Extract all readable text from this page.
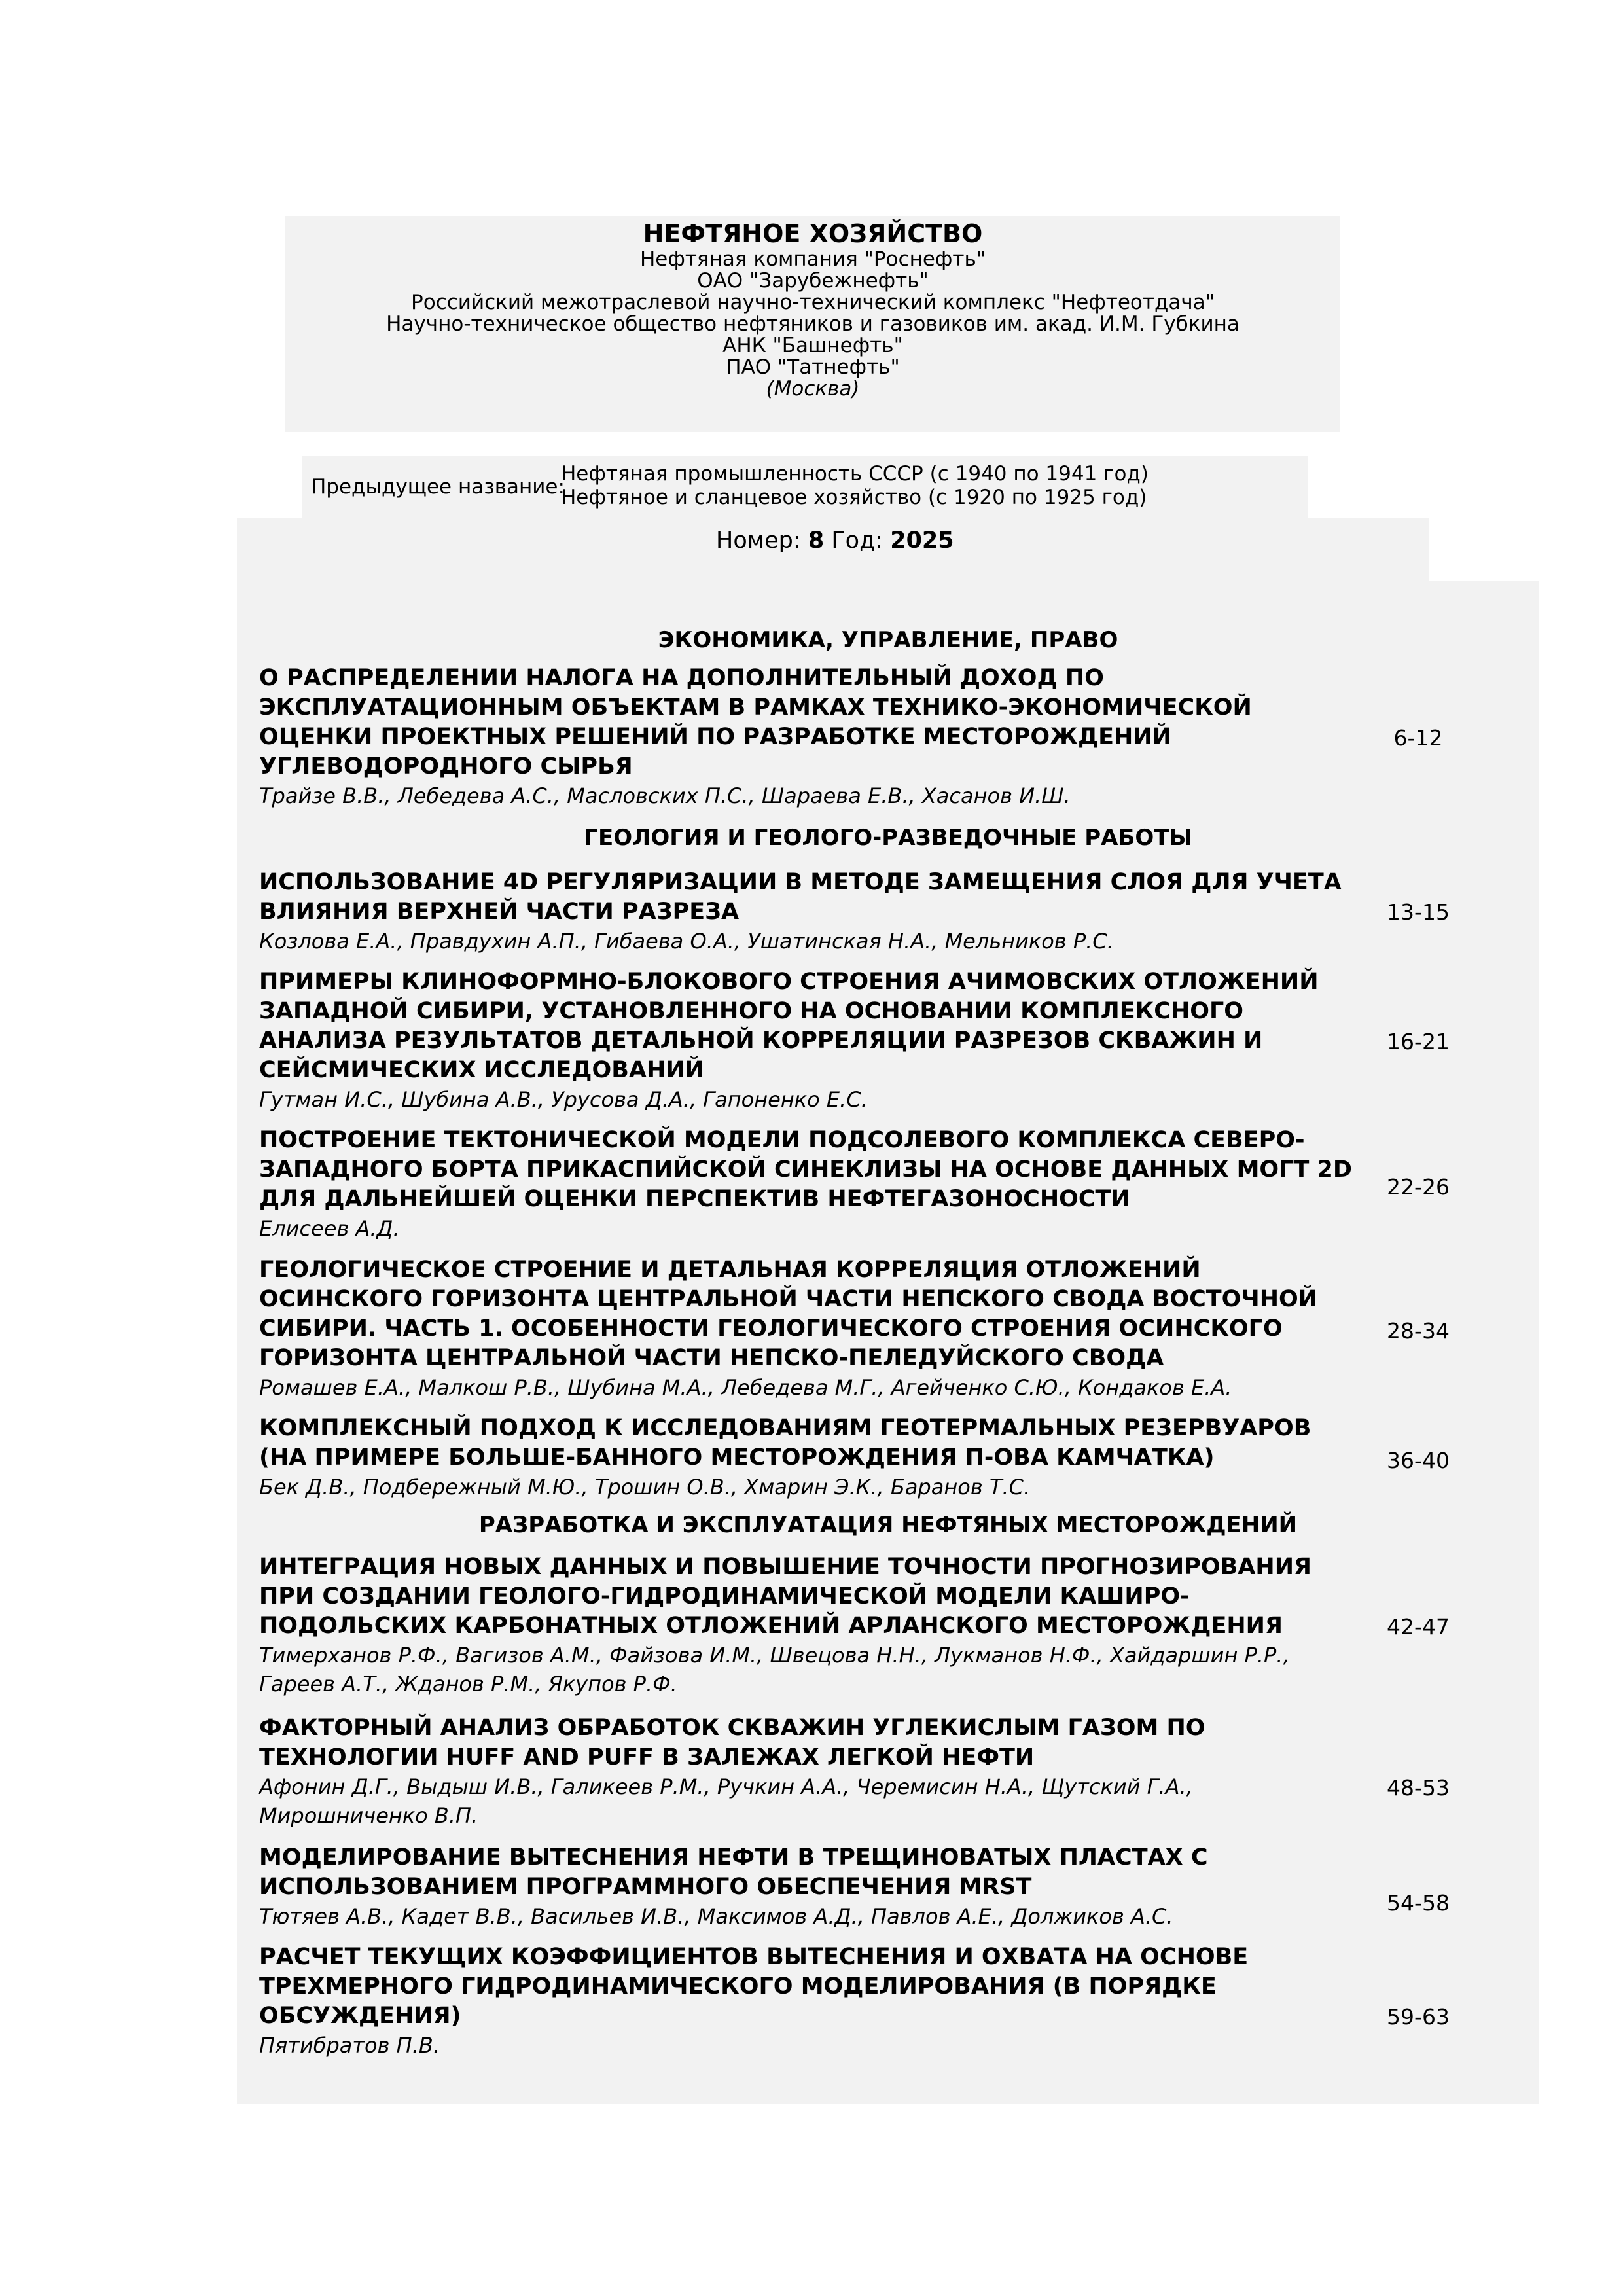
НЕФТЯНОЕ ХОЗЯЙСТВО
Нефтяная компания "Роснефть"
ОАО "Зарубежнефть"
Российский межотраслевой научно-технический комплекс "Нефтеотдача"
Научно-техническое общество нефтяников и газовиков им. акад. И.М. Губкина
АНК "Башнефть"
ПАО "Татнефть"
(Москва)
Предыдущее название:
Нефтяная промышленность СССР (с 1940 по 1941 год)
Нефтяное и сланцевое хозяйство (с 1920 по 1925 год)
Номер: 8 Год: 2025
ЭКОНОМИКА, УПРАВЛЕНИЕ, ПРАВО
О РАСПРЕДЕЛЕНИИ НАЛОГА НА ДОПОЛНИТЕЛЬНЫЙ ДОХОД ПО ЭКСПЛУАТАЦИОННЫМ ОБЪЕКТАМ В РАМКАХ ТЕХНИКО-ЭКОНОМИЧЕСКОЙ ОЦЕНКИ ПРОЕКТНЫХ РЕШЕНИЙ ПО РАЗРАБОТКЕ МЕСТОРОЖДЕНИЙ УГЛЕВОДОРОДНОГО СЫРЬЯ
Трайзе В.В., Лебедева А.С., Масловских П.С., Шараева Е.В., Хасанов И.Ш.
6-12
ГЕОЛОГИЯ И ГЕОЛОГО-РАЗВЕДОЧНЫЕ РАБОТЫ
ИСПОЛЬЗОВАНИЕ 4D РЕГУЛЯРИЗАЦИИ В МЕТОДЕ ЗАМЕЩЕНИЯ СЛОЯ ДЛЯ УЧЕТА ВЛИЯНИЯ ВЕРХНЕЙ ЧАСТИ РАЗРЕЗА
Козлова Е.А., Правдухин А.П., Гибаева О.А., Ушатинская Н.А., Мельников Р.С.
13-15
ПРИМЕРЫ КЛИНОФОРМНО-БЛОКОВОГО СТРОЕНИЯ АЧИМОВСКИХ ОТЛОЖЕНИЙ ЗАПАДНОЙ СИБИРИ, УСТАНОВЛЕННОГО НА ОСНОВАНИИ КОМПЛЕКСНОГО АНАЛИЗА РЕЗУЛЬТАТОВ ДЕТАЛЬНОЙ КОРРЕЛЯЦИИ РАЗРЕЗОВ СКВАЖИН И СЕЙСМИЧЕСКИХ ИССЛЕДОВАНИЙ
Гутман И.С., Шубина А.В., Урусова Д.А., Гапоненко Е.С.
16-21
ПОСТРОЕНИЕ ТЕКТОНИЧЕСКОЙ МОДЕЛИ ПОДСОЛЕВОГО КОМПЛЕКСА СЕВЕРО-ЗАПАДНОГО БОРТА ПРИКАСПИЙСКОЙ СИНЕКЛИЗЫ НА ОСНОВЕ ДАННЫХ МОГТ 2D ДЛЯ ДАЛЬНЕЙШЕЙ ОЦЕНКИ ПЕРСПЕКТИВ НЕФТЕГАЗОНОСНОСТИ
Елисеев А.Д.
22-26
ГЕОЛОГИЧЕСКОЕ СТРОЕНИЕ И ДЕТАЛЬНАЯ КОРРЕЛЯЦИЯ ОТЛОЖЕНИЙ ОСИНСКОГО ГОРИЗОНТА ЦЕНТРАЛЬНОЙ ЧАСТИ НЕПСКОГО СВОДА ВОСТОЧНОЙ СИБИРИ. ЧАСТЬ 1. ОСОБЕННОСТИ ГЕОЛОГИЧЕСКОГО СТРОЕНИЯ ОСИНСКОГО ГОРИЗОНТА ЦЕНТРАЛЬНОЙ ЧАСТИ НЕПСКО-ПЕЛЕДУЙСКОГО СВОДА
Ромашев Е.А., Малкош Р.В., Шубина М.А., Лебедева М.Г., Агейченко С.Ю., Кондаков Е.А.
28-34
КОМПЛЕКСНЫЙ ПОДХОД К ИССЛЕДОВАНИЯМ ГЕОТЕРМАЛЬНЫХ РЕЗЕРВУАРОВ (НА ПРИМЕРЕ БОЛЬШЕ-БАННОГО МЕСТОРОЖДЕНИЯ П-ОВА КАМЧАТКА)
Бек Д.В., Подбережный М.Ю., Трошин О.В., Хмарин Э.К., Баранов Т.С.
36-40
РАЗРАБОТКА И ЭКСПЛУАТАЦИЯ НЕФТЯНЫХ МЕСТОРОЖДЕНИЙ
ИНТЕГРАЦИЯ НОВЫХ ДАННЫХ И ПОВЫШЕНИЕ ТОЧНОСТИ ПРОГНОЗИРОВАНИЯ ПРИ СОЗДАНИИ ГЕОЛОГО-ГИДРОДИНАМИЧЕСКОЙ МОДЕЛИ КАШИРО-ПОДОЛЬСКИХ КАРБОНАТНЫХ ОТЛОЖЕНИЙ АРЛАНСКОГО МЕСТОРОЖДЕНИЯ
Тимерханов Р.Ф., Вагизов А.М., Файзова И.М., Швецова Н.Н., Лукманов Н.Ф., Хайдаршин Р.Р., Гареев А.Т., Жданов Р.М., Якупов Р.Ф.
42-47
ФАКТОРНЫЙ АНАЛИЗ ОБРАБОТОК СКВАЖИН УГЛЕКИСЛЫМ ГАЗОМ ПО ТЕХНОЛОГИИ HUFF AND PUFF В ЗАЛЕЖАХ ЛЕГКОЙ НЕФТИ
Афонин Д.Г., Выдыш И.В., Галикеев Р.М., Ручкин А.А., Черемисин Н.А., Щутский Г.А., Мирошниченко В.П.
48-53
МОДЕЛИРОВАНИЕ ВЫТЕСНЕНИЯ НЕФТИ В ТРЕЩИНОВАТЫХ ПЛАСТАХ С ИСПОЛЬЗОВАНИЕМ ПРОГРАММНОГО ОБЕСПЕЧЕНИЯ MRST
Тютяев А.В., Кадет В.В., Васильев И.В., Максимов А.Д., Павлов А.Е., Должиков А.С.
54-58
РАСЧЕТ ТЕКУЩИХ КОЭФФИЦИЕНТОВ ВЫТЕСНЕНИЯ И ОХВАТА НА ОСНОВЕ ТРЕХМЕРНОГО ГИДРОДИНАМИЧЕСКОГО МОДЕЛИРОВАНИЯ (В ПОРЯДКЕ ОБСУЖДЕНИЯ)
Пятибратов П.В.
59-63
